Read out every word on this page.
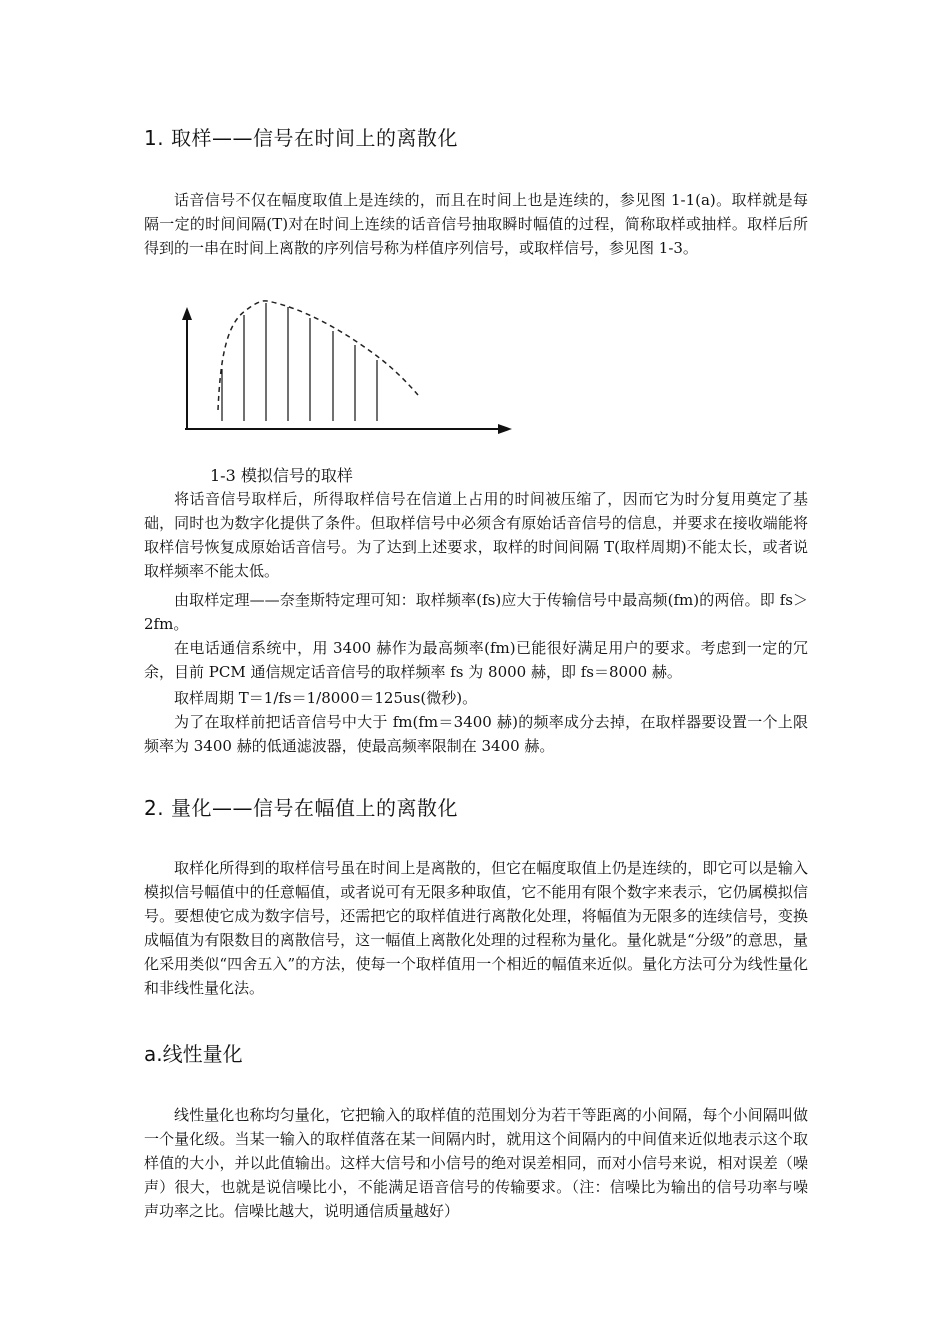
1. 取样——信号在时间上的离散化

话音信号不仅在幅度取值上是连续的，而且在时间上也是连续的，参见图 1-1(a)。取样就是每隔一定的时间间隔(T)对在时间上连续的话音信号抽取瞬时幅值的过程，简称取样或抽样。取样后所得到的一串在时间上离散的序列信号称为样值序列信号，或取样信号，参见图 1-3。

1-3 模拟信号的取样

将话音信号取样后，所得取样信号在信道上占用的时间被压缩了，因而它为时分复用奠定了基础，同时也为数字化提供了条件。但取样信号中必须含有原始话音信号的信息，并要求在接收端能将取样信号恢复成原始话音信号。为了达到上述要求，取样的时间间隔 T(取样周期)不能太长，或者说取样频率不能太低。

由取样定理——奈奎斯特定理可知：取样频率(fs)应大于传输信号中最高频(fm)的两倍。即 fs＞2fm。

在电话通信系统中，用 3400 赫作为最高频率(fm)已能很好满足用户的要求。考虑到一定的冗余，目前 PCM 通信规定话音信号的取样频率 fs 为 8000 赫，即 fs＝8000 赫。

取样周期 T＝1/fs＝1/8000＝125us(微秒)。

为了在取样前把话音信号中大于 fm(fm＝3400 赫)的频率成分去掉，在取样器要设置一个上限频率为 3400 赫的低通滤波器，使最高频率限制在 3400 赫。

2. 量化——信号在幅值上的离散化

取样化所得到的取样信号虽在时间上是离散的，但它在幅度取值上仍是连续的，即它可以是输入模拟信号幅值中的任意幅值，或者说可有无限多种取值，它不能用有限个数字来表示，它仍属模拟信号。要想使它成为数字信号，还需把它的取样值进行离散化处理，将幅值为无限多的连续信号，变换成幅值为有限数目的离散信号，这一幅值上离散化处理的过程称为量化。量化就是“分级”的意思，量化采用类似“四舍五入”的方法，使每一个取样值用一个相近的幅值来近似。量化方法可分为线性量化和非线性量化法。

a.线性量化

线性量化也称均匀量化，它把输入的取样值的范围划分为若干等距离的小间隔，每个小间隔叫做一个量化级。当某一输入的取样值落在某一间隔内时，就用这个间隔内的中间值来近似地表示这个取样值的大小，并以此值输出。这样大信号和小信号的绝对误差相同，而对小信号来说，相对误差（噪声）很大，也就是说信噪比小，不能满足语音信号的传输要求。（注：信噪比为输出的信号功率与噪声功率之比。信噪比越大，说明通信质量越好）
